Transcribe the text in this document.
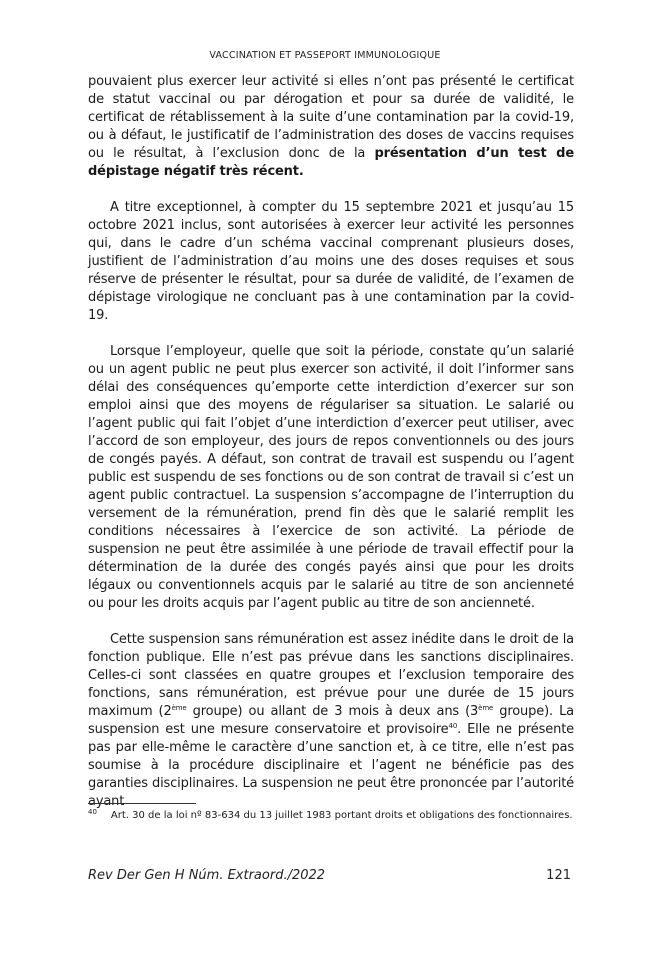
VACCINATION ET PASSEPORT IMMUNOLOGIQUE

pouvaient plus exercer leur activité si elles n’ont pas présenté le certificat de statut vaccinal ou par dérogation et pour sa durée de validité, le certificat de rétablissement à la suite d’une contamination par la covid-19, ou à défaut, le justificatif de l’administration des doses de vaccins requises ou le résultat, à l’exclusion donc de la présentation d’un test de dépistage négatif très récent.

A titre exceptionnel, à compter du 15 septembre 2021 et jusqu’au 15 octobre 2021 inclus, sont autorisées à exercer leur activité les personnes qui, dans le cadre d’un schéma vaccinal comprenant plusieurs doses, justifient de l’administration d’au moins une des doses requises et sous réserve de présenter le résultat, pour sa durée de validité, de l’examen de dépistage virologique ne concluant pas à une contamination par la covid-19.

Lorsque l’employeur, quelle que soit la période, constate qu’un salarié ou un agent public ne peut plus exercer son activité, il doit l’informer sans délai des conséquences qu’emporte cette interdiction d’exercer sur son emploi ainsi que des moyens de régulariser sa situation. Le salarié ou l’agent public qui fait l’objet d’une interdiction d’exercer peut utiliser, avec l’accord de son employeur, des jours de repos conventionnels ou des jours de congés payés. A défaut, son contrat de travail est suspendu ou l’agent public est suspendu de ses fonctions ou de son contrat de travail si c’est un agent public contractuel. La suspension s’accompagne de l’interruption du versement de la rémunération, prend fin dès que le salarié remplit les conditions nécessaires à l’exercice de son activité. La période de suspension ne peut être assimilée à une période de travail effectif pour la détermination de la durée des congés payés ainsi que pour les droits légaux ou conventionnels acquis par le salarié au titre de son ancienneté ou pour les droits acquis par l’agent public au titre de son ancienneté.

Cette suspension sans rémunération est assez inédite dans le droit de la fonction publique. Elle n’est pas prévue dans les sanctions disciplinaires. Celles-ci sont classées en quatre groupes et l’exclusion temporaire des fonctions, sans rémunération, est prévue pour une durée de 15 jours maximum (2ème groupe) ou allant de 3 mois à deux ans (3ème groupe). La suspension est une mesure conservatoire et provisoire$^{40}$. Elle ne présente pas par elle-même le caractère d’une sanction et, à ce titre, elle n’est pas soumise à la procédure disciplinaire et l’agent ne bénéficie pas des garanties disciplinaires. La suspension ne peut être prononcée par l’autorité ayant

$^{40}$ Art. 30 de la loi nº 83-634 du 13 juillet 1983 portant droits et obligations des fonctionnaires.
Rev Der Gen H Núm. Extraord./2022	121
